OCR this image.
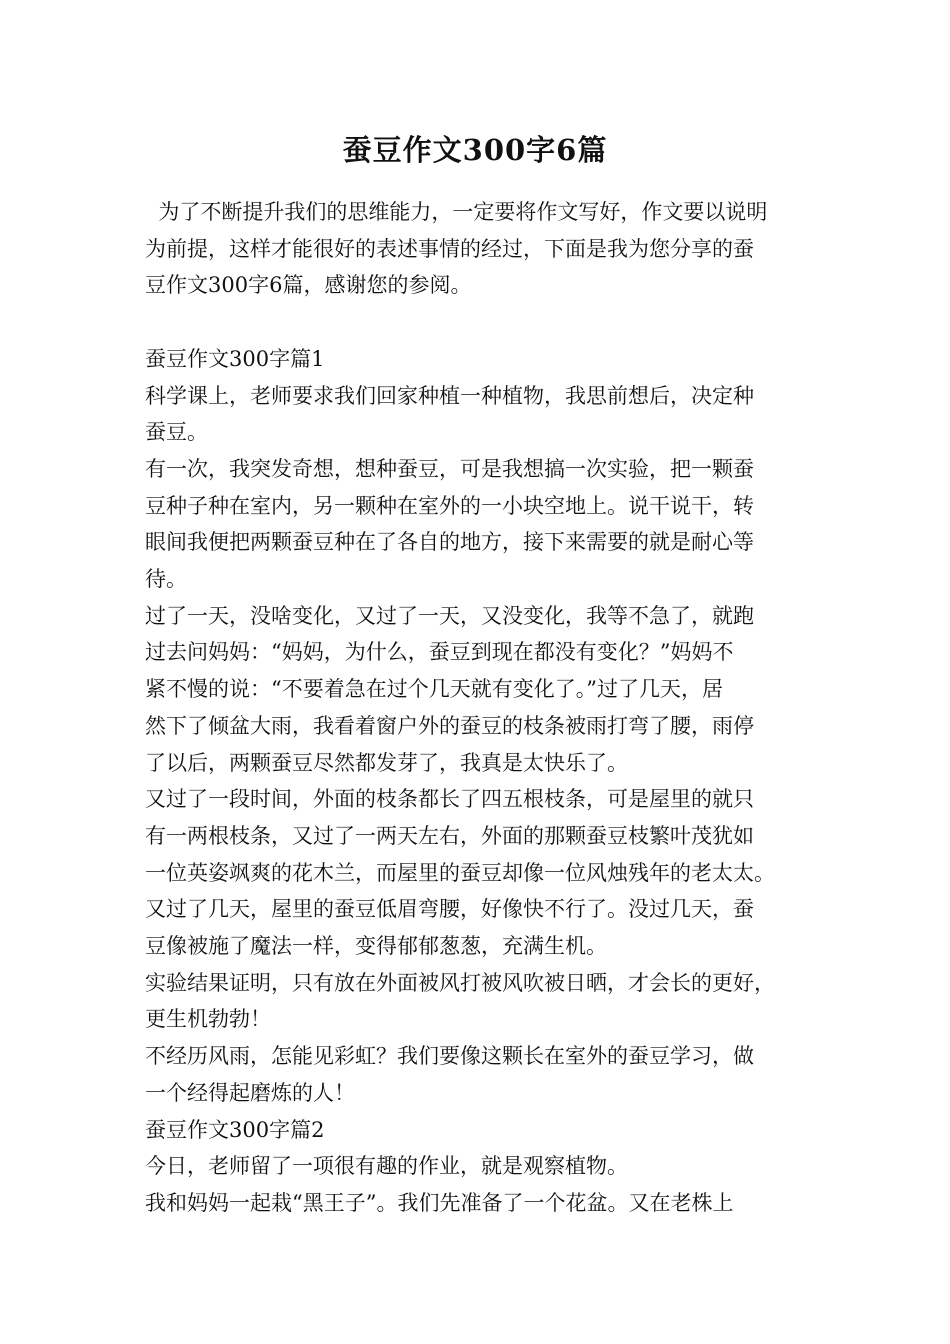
蚕豆作文300字6篇

为了不断提升我们的思维能力，一定要将作文写好，作文要以说明

为前提，这样才能很好的表述事情的经过，下面是我为您分享的蚕

豆作文300字6篇，感谢您的参阅。

蚕豆作文300字篇1

科学课上，老师要求我们回家种植一种植物，我思前想后，决定种

蚕豆。

有一次，我突发奇想，想种蚕豆，可是我想搞一次实验，把一颗蚕

豆种子种在室内，另一颗种在室外的一小块空地上。说干说干，转

眼间我便把两颗蚕豆种在了各自的地方，接下来需要的就是耐心等

待。

过了一天，没啥变化，又过了一天，又没变化，我等不急了，就跑

过去问妈妈：“妈妈，为什么，蚕豆到现在都没有变化？”妈妈不

紧不慢的说：“不要着急在过个几天就有变化了。”过了几天，居

然下了倾盆大雨，我看着窗户外的蚕豆的枝条被雨打弯了腰，雨停

了以后，两颗蚕豆尽然都发芽了，我真是太快乐了。

又过了一段时间，外面的枝条都长了四五根枝条，可是屋里的就只

有一两根枝条，又过了一两天左右，外面的那颗蚕豆枝繁叶茂犹如

一位英姿飒爽的花木兰，而屋里的蚕豆却像一位风烛残年的老太太。

又过了几天，屋里的蚕豆低眉弯腰，好像快不行了。没过几天，蚕

豆像被施了魔法一样，变得郁郁葱葱，充满生机。

实验结果证明，只有放在外面被风打被风吹被日晒，才会长的更好，

更生机勃勃！

不经历风雨，怎能见彩虹？我们要像这颗长在室外的蚕豆学习，做

一个经得起磨炼的人！

蚕豆作文300字篇2

今日，老师留了一项很有趣的作业，就是观察植物。

我和妈妈一起栽“黑王子”。我们先准备了一个花盆。又在老株上
